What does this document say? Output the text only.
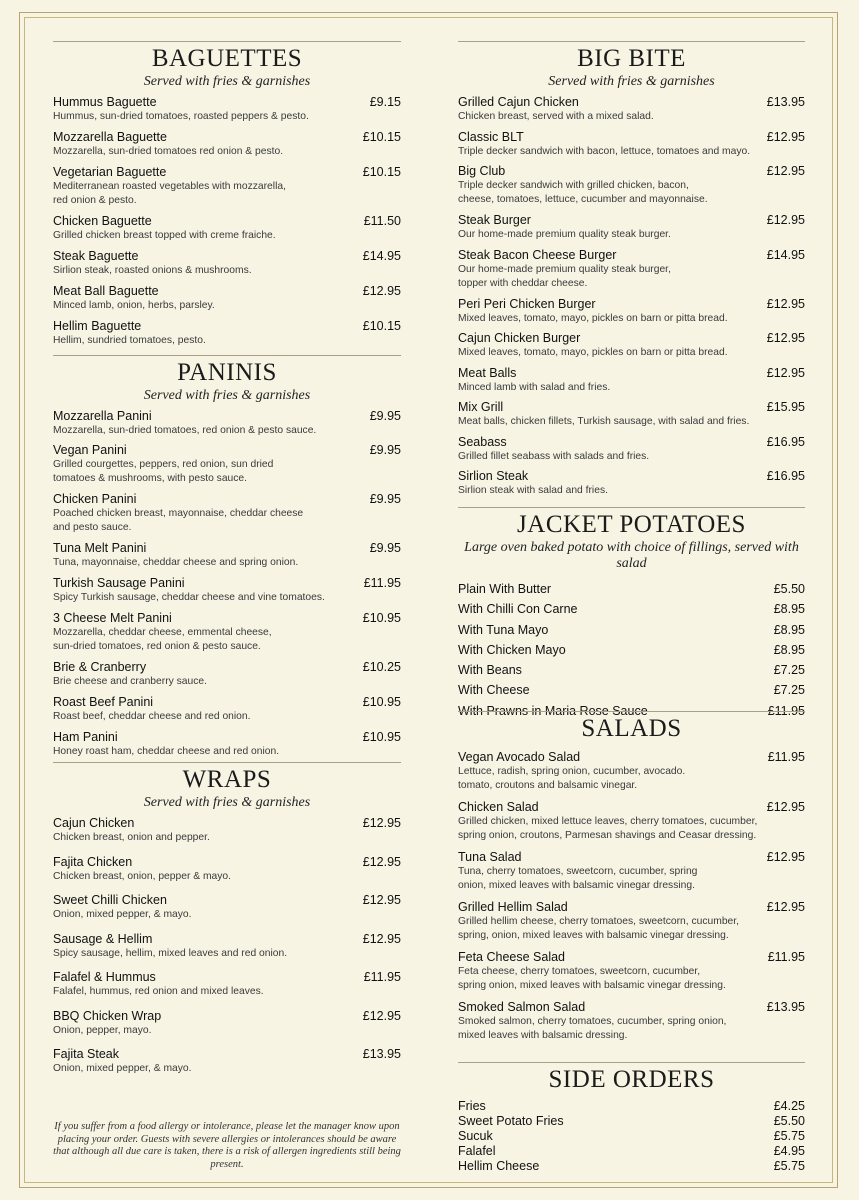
BAGUETTES
Served with fries & garnishes
Hummus Baguette	£9.15
Hummus, sun-dried tomatoes, roasted peppers & pesto.
Mozzarella Baguette	£10.15
Mozzarella, sun-dried tomatoes red onion & pesto.
Vegetarian Baguette	£10.15
Mediterranean roasted vegetables with mozzarella,
red onion & pesto.
Chicken Baguette	£11.50
Grilled chicken breast topped with creme fraiche.
Steak Baguette	£14.95
Sirlion steak, roasted onions & mushrooms.
Meat Ball Baguette	£12.95
Minced lamb, onion, herbs, parsley.
Hellim Baguette	£10.15
Hellim, sundried tomatoes, pesto.
PANINIS
Served with fries & garnishes
Mozzarella Panini	£9.95
Mozzarella, sun-dried tomatoes, red onion & pesto sauce.
Vegan Panini	£9.95
Grilled courgettes, peppers, red onion, sun dried
tomatoes & mushrooms, with pesto sauce.
Chicken Panini	£9.95
Poached chicken breast, mayonnaise, cheddar cheese
and pesto sauce.
Tuna Melt Panini	£9.95
Tuna, mayonnaise, cheddar cheese and spring onion.
Turkish Sausage Panini	£11.95
Spicy Turkish sausage, cheddar cheese and vine tomatoes.
3 Cheese Melt Panini	£10.95
Mozzarella, cheddar cheese, emmental cheese,
sun-dried tomatoes, red onion & pesto sauce.
Brie & Cranberry	£10.25
Brie cheese and cranberry sauce.
Roast Beef Panini	£10.95
Roast beef, cheddar cheese and red onion.
Ham Panini	£10.95
Honey roast ham, cheddar cheese and red onion.
WRAPS
Served with fries & garnishes
Cajun Chicken	£12.95
Chicken breast, onion and pepper.
Fajita Chicken	£12.95
Chicken breast, onion, pepper & mayo.
Sweet Chilli Chicken	£12.95
Onion, mixed pepper, & mayo.
Sausage & Hellim	£12.95
Spicy sausage, hellim, mixed leaves and red onion.
Falafel & Hummus	£11.95
Falafel, hummus, red onion and mixed leaves.
BBQ Chicken Wrap	£12.95
Onion, pepper, mayo.
Fajita Steak	£13.95
Onion, mixed pepper, & mayo.
If you suffer from a food allergy or intolerance, please let the manager know upon placing your order. Guests with severe allergies or intolerances should be aware that although all due care is taken, there is a risk of allergen ingredients still being present.
BIG BITE
Served with fries & garnishes
Grilled Cajun Chicken	£13.95
Chicken breast, served with a mixed salad.
Classic BLT	£12.95
Triple decker sandwich with bacon, lettuce, tomatoes and mayo.
Big Club	£12.95
Triple decker sandwich with grilled chicken, bacon,
cheese, tomatoes, lettuce, cucumber and mayonnaise.
Steak Burger	£12.95
Our home-made premium quality steak burger.
Steak Bacon Cheese Burger	£14.95
Our home-made premium quality steak burger,
topper with cheddar cheese.
Peri Peri Chicken Burger	£12.95
Mixed leaves, tomato, mayo, pickles on barn or pitta bread.
Cajun Chicken Burger	£12.95
Mixed leaves, tomato, mayo, pickles on barn or pitta bread.
Meat Balls	£12.95
Minced lamb with salad and fries.
Mix Grill	£15.95
Meat balls, chicken fillets, Turkish sausage, with salad and fries.
Seabass	£16.95
Grilled fillet seabass with salads and fries.
Sirlion Steak	£16.95
Sirlion steak with salad and fries.
JACKET POTATOES
Large oven baked potato with choice of fillings, served with salad
Plain With Butter	£5.50
With Chilli Con Carne	£8.95
With Tuna Mayo	£8.95
With Chicken Mayo	£8.95
With Beans	£7.25
With Cheese	£7.25
With Prawns in Maria Rose Sauce	£11.95
SALADS
Vegan Avocado Salad	£11.95
Lettuce, radish, spring onion, cucumber, avocado.
tomato, croutons and balsamic vinegar.
Chicken Salad	£12.95
Grilled chicken, mixed lettuce leaves, cherry tomatoes, cucumber,
spring onion, croutons, Parmesan shavings and Ceasar dressing.
Tuna Salad	£12.95
Tuna, cherry tomatoes, sweetcorn, cucumber, spring
onion, mixed leaves with balsamic vinegar dressing.
Grilled Hellim Salad	£12.95
Grilled hellim cheese, cherry tomatoes, sweetcorn, cucumber,
spring, onion, mixed leaves with balsamic vinegar dressing.
Feta Cheese Salad	£11.95
Feta cheese, cherry tomatoes, sweetcorn, cucumber,
spring onion, mixed leaves with balsamic vinegar dressing.
Smoked Salmon Salad	£13.95
Smoked salmon, cherry tomatoes, cucumber, spring onion,
mixed leaves with balsamic dressing.
SIDE ORDERS
Fries	£4.25
Sweet Potato Fries	£5.50
Sucuk	£5.75
Falafel	£4.95
Hellim Cheese	£5.75
